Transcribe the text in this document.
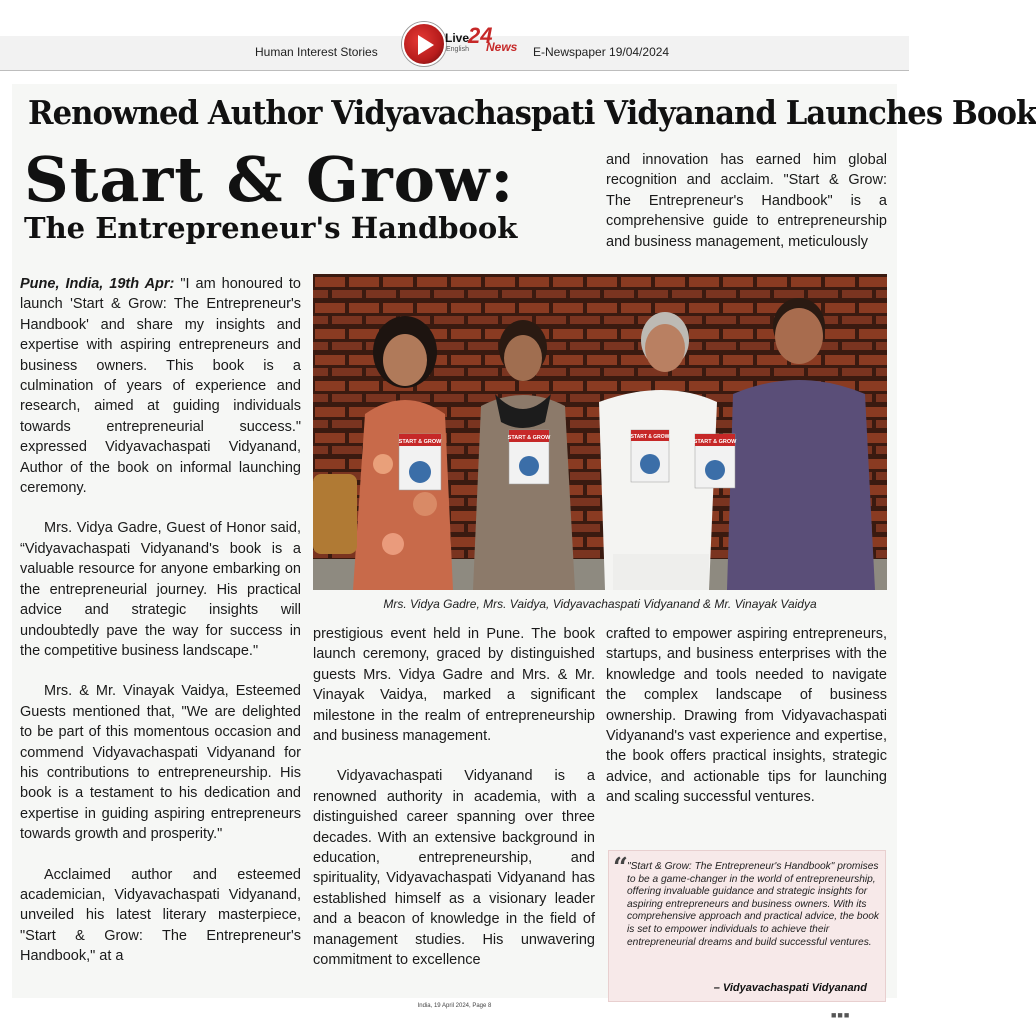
Human Interest Stories	E-Newspaper 19/04/2024
Live
English
24
News
Renowned Author Vidyavachaspati Vidyanand Launches Book
Start & Grow:
The Entrepreneur's Handbook

and innovation has earned him global recognition and acclaim. "Start & Grow: The Entrepreneur's Handbook" is a comprehensive guide to entrepreneurship and business management, meticulously

Pune, India, 19th Apr: "I am honoured to launch 'Start & Grow: The Entrepreneur's Handbook' and share my insights and expertise with aspiring entrepreneurs and business owners. This book is a culmination of years of experience and research, aimed at guiding individuals towards entrepreneurial success." expressed Vidyavachaspati Vidyanand, Author of the book on informal launching ceremony.

Mrs. Vidya Gadre, Guest of Honor said, “Vidyavachaspati Vidyanand's book is a valuable resource for anyone embarking on the entrepreneurial journey. His practical advice and strategic insights will undoubtedly pave the way for success in the competitive business landscape."

Mrs. & Mr. Vinayak Vaidya, Esteemed Guests mentioned that, "We are delighted to be part of this momentous occasion and commend Vidyavachaspati Vidyanand for his contributions to entrepreneurship. His book is a testament to his dedication and expertise in guiding aspiring entrepreneurs towards growth and prosperity."

Acclaimed author and esteemed academician, Vidyavachaspati Vidyanand, unveiled his latest literary masterpiece, "Start & Grow: The Entrepreneur's Handbook," at a

START & GROW
START & GROW	START & GROW
START & GROW
Mrs. Vidya Gadre, Mrs. Vaidya, Vidyavachaspati Vidyanand & Mr. Vinayak Vaidya

prestigious event held in Pune. The book launch ceremony, graced by distinguished guests Mrs. Vidya Gadre and Mrs. & Mr. Vinayak Vaidya, marked a significant milestone in the realm of entrepreneurship and business management.

Vidyavachaspati Vidyanand is a renowned authority in academia, with a distinguished career spanning over three decades. With an extensive background in education, entrepreneurship, and spirituality, Vidyavachaspati Vidyanand has established himself as a visionary leader and a beacon of knowledge in the field of management studies. His unwavering commitment to excellence

crafted to empower aspiring entrepreneurs, startups, and business enterprises with the knowledge and tools needed to navigate the complex landscape of business ownership. Drawing from Vidyavachaspati Vidyanand's vast experience and expertise, the book offers practical insights, strategic advice, and actionable tips for launching and scaling successful ventures.

“ "Start & Grow: The Entrepreneur's Handbook" promises to be a game-changer in the world of entrepreneurship, offering invaluable guidance and strategic insights for aspiring entrepreneurs and business owners. With its comprehensive approach and practical advice, the book is set to empower individuals to achieve their entrepreneurial dreams and build successful ventures.
– Vidyavachaspati Vidyanand
India, 19 April 2024, Page 8
■■■
